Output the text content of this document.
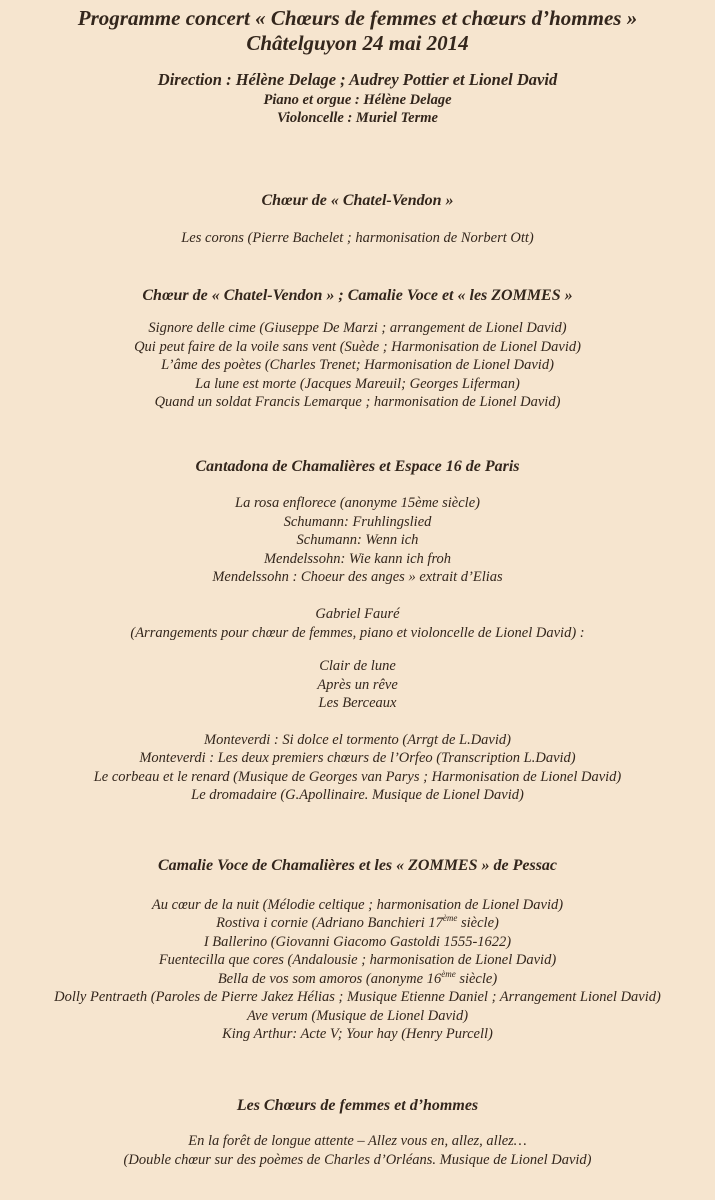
Programme concert « Chœurs de femmes et chœurs d’hommes »
Châtelguyon 24 mai 2014
Direction : Hélène Delage ; Audrey Pottier et Lionel David
Piano et orgue : Hélène Delage
Violoncelle : Muriel Terme
Chœur de « Chatel-Vendon »
Les corons (Pierre Bachelet ; harmonisation de Norbert Ott)
Chœur de « Chatel-Vendon » ; Camalie Voce et « les ZOMMES »
Signore delle cime (Giuseppe De Marzi ; arrangement de Lionel David)
Qui peut faire de la voile sans vent (Suède ; Harmonisation de Lionel David)
L’âme des poètes (Charles Trenet; Harmonisation de Lionel David)
La lune est morte (Jacques Mareuil; Georges Liferman)
Quand un soldat Francis Lemarque ; harmonisation de Lionel David)
Cantadona de Chamalières et Espace 16 de Paris
La rosa enflorece (anonyme 15ème siècle)
Schumann: Fruhlingslied
Schumann: Wenn ich
Mendelssohn: Wie kann ich froh
Mendelssohn : Choeur des anges » extrait d’Elias
Gabriel Fauré
(Arrangements pour chœur de femmes, piano et violoncelle de Lionel David) :
Clair de lune
Après un rêve
Les Berceaux
Monteverdi : Si dolce el tormento (Arrgt de L.David)
Monteverdi : Les deux premiers chœurs de l’Orfeo (Transcription L.David)
Le corbeau et le renard (Musique de Georges van Parys ; Harmonisation de Lionel David)
Le dromadaire (G.Apollinaire. Musique de Lionel David)
Camalie Voce de Chamalières et les « ZOMMES » de Pessac
Au cœur de la nuit (Mélodie celtique ; harmonisation de Lionel David)
Rostiva i cornie (Adriano Banchieri 17ème siècle)
I Ballerino (Giovanni Giacomo Gastoldi 1555-1622)
Fuentecilla que cores (Andalousie ; harmonisation de Lionel David)
Bella de vos som amoros (anonyme 16ème siècle)
Dolly Pentraeth (Paroles de Pierre Jakez Hélias ; Musique Etienne Daniel ; Arrangement Lionel David)
Ave verum (Musique de Lionel David)
King Arthur: Acte V; Your hay (Henry Purcell)
Les Chœurs de femmes et d’hommes
En la forêt de longue attente – Allez vous en, allez, allez…
(Double chœur sur des poèmes de Charles d’Orléans. Musique de Lionel David)
